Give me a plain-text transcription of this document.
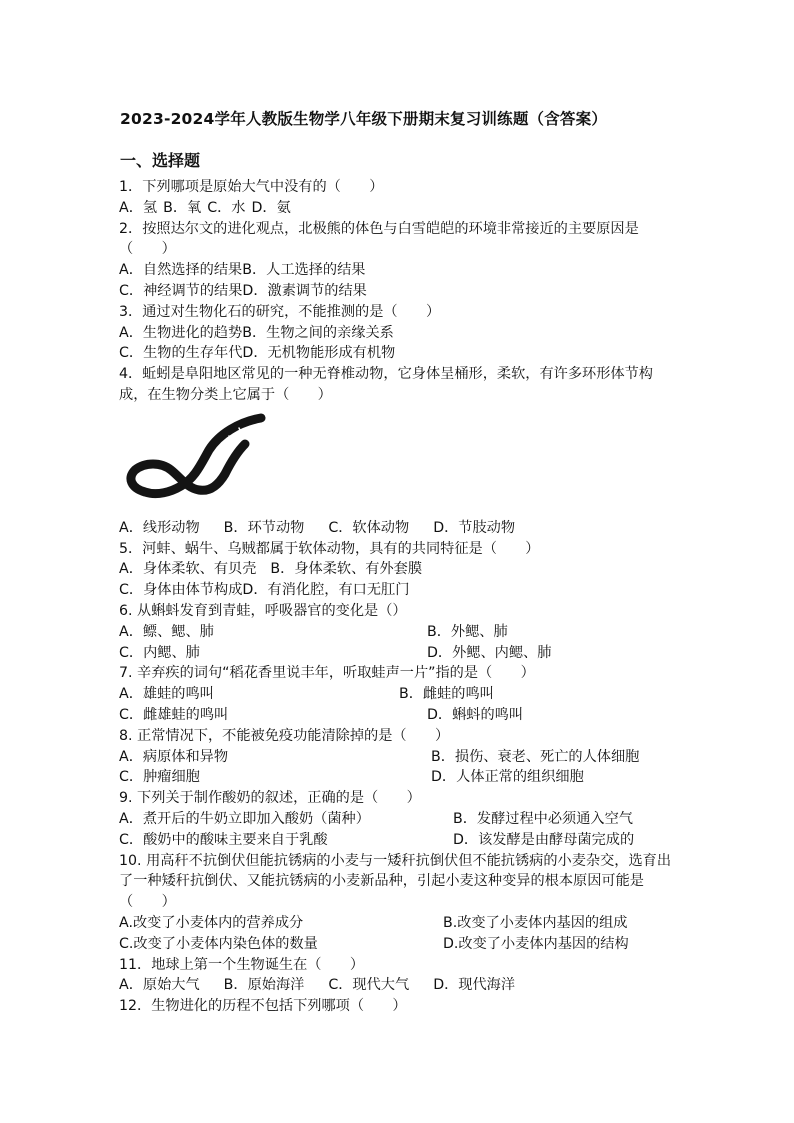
2023-2024学年人教版生物学八年级下册期末复习训练题（含答案）
一、选择题
1．下列哪项是原始大气中没有的（　　）
A．氢 B．氧 C．水 D．氨
2．按照达尔文的进化观点，北极熊的体色与白雪皑皑的环境非常接近的主要原因是（　　）
A．自然选择的结果 B．人工选择的结果
C．神经调节的结果 D．激素调节的结果
3．通过对生物化石的研究，不能推测的是（　　）
A．生物进化的趋势 B．生物之间的亲缘关系
C．生物的生存年代 D．无机物能形成有机物
4．蚯蚓是阜阳地区常见的一种无脊椎动物，它身体呈桶形，柔软，有许多环形体节构成，在生物分类上它属于（　　）
A．线形动物 B．环节动物 C．软体动物 D．节肢动物
5．河蚌、蜗牛、乌贼都属于软体动物，具有的共同特征是（　　）
A．身体柔软、有贝壳 B．身体柔软、有外套膜
C．身体由体节构成 D．有消化腔，有口无肛门
6. 从蝌蚪发育到青蛙，呼吸器官的变化是（）
A．鳔、鳃、肺	B．外鳃、肺
C．内鳃、肺	D．外鳃、内鳃、肺
7. 辛弃疾的词句“稻花香里说丰年，听取蛙声一片”指的是（　　）
A．雄蛙的鸣叫	B．雌蛙的鸣叫
C．雌雄蛙的鸣叫	D．蝌蚪的鸣叫
8. 正常情况下，不能被免疫功能清除掉的是（　　）
A．病原体和异物	B．损伤、衰老、死亡的人体细胞
C．肿瘤细胞	D．人体正常的组织细胞
9. 下列关于制作酸奶的叙述，正确的是（　　）
A．煮开后的牛奶立即加入酸奶（菌种）	B．发酵过程中必须通入空气
C．酸奶中的酸味主要来自于乳酸	D．该发酵是由酵母菌完成的
10. 用高秆不抗倒伏但能抗锈病的小麦与一矮秆抗倒伏但不能抗锈病的小麦杂交，选育出了一种矮秆抗倒伏、又能抗锈病的小麦新品种，引起小麦这种变异的根本原因可能是（　　）
A.改变了小麦体内的营养成分	B.改变了小麦体内基因的组成
C.改变了小麦体内染色体的数量	D.改变了小麦体内基因的结构
11．地球上第一个生物诞生在（　　）
A．原始大气 B．原始海洋 C．现代大气 D．现代海洋
12．生物进化的历程不包括下列哪项（　　）
